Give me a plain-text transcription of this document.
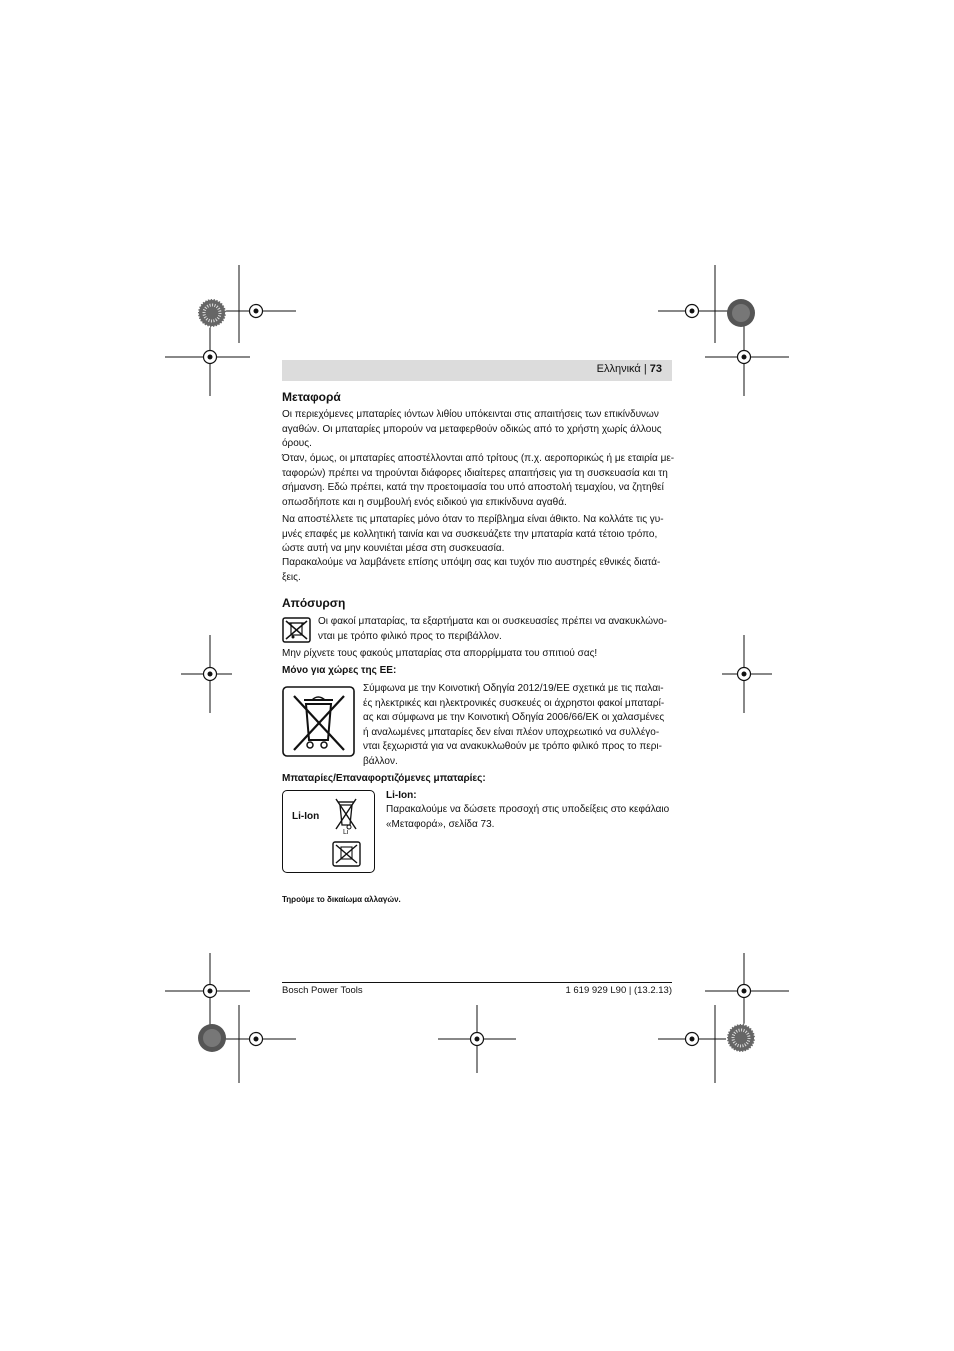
Ελληνικά | 73
Μεταφορά
Οι περιεχόμενες μπαταρίες ιόντων λιθίου υπόκεινται στις απαιτήσεις των επικίνδυνων
αγαθών. Οι μπαταρίες μπορούν να μεταφερθούν οδικώς από το χρήστη χωρίς άλλους
όρους.
Όταν, όμως, οι μπαταρίες αποστέλλονται από τρίτους (π.χ. αεροπορικώς ή με εταιρία με-
ταφορών) πρέπει να τηρούνται διάφορες ιδιαίτερες απαιτήσεις για τη συσκευασία και τη
σήμανση. Εδώ πρέπει, κατά την προετοιμασία του υπό αποστολή τεμαχίου, να ζητηθεί
οπωσδήποτε και η συμβουλή ενός ειδικού για επικίνδυνα αγαθά.
Να αποστέλλετε τις μπαταρίες μόνο όταν το περίβλημα είναι άθικτο. Να κολλάτε τις γυ-
μνές επαφές με κολλητική ταινία και να συσκευάζετε την μπαταρία κατά τέτοιο τρόπο,
ώστε αυτή να μην κουνιέται μέσα στη συσκευασία.
Παρακαλούμε να λαμβάνετε επίσης υπόψη σας και τυχόν πιο αυστηρές εθνικές διατά-
ξεις.
Απόσυρση
Οι φακοί μπαταρίας, τα εξαρτήματα και οι συσκευασίες πρέπει να ανακυκλώνο-
νται με τρόπο φιλικό προς το περιβάλλον.
Μην ρίχνετε τους φακούς μπαταρίας στα απορρίμματα του σπιτιού σας!
Μόνο για χώρες της ΕΕ:
Σύμφωνα με την Κοινοτική Οδηγία 2012/19/ΕΕ σχετικά με τις παλαι-
ές ηλεκτρικές και ηλεκτρονικές συσκευές οι άχρηστοι φακοί μπαταρί-
ας και σύμφωνα με την Κοινοτική Οδηγία 2006/66/ΕΚ οι χαλασμένες
ή αναλωμένες μπαταρίες δεν είναι πλέον υποχρεωτικό να συλλέγο-
νται ξεχωριστά για να ανακυκλωθούν με τρόπο φιλικό προς το περι-
βάλλον.
Μπαταρίες/Επαναφορτιζόμενες μπαταρίες:
Li-Ion
Li
Li-Ion:
Παρακαλούμε να δώσετε προσοχή στις υποδείξεις στο κεφάλαιο
«Μεταφορά», σελίδα 73.
Τηρούμε το δικαίωμα αλλαγών.
Bosch Power Tools	1 619 929 L90 | (13.2.13)
